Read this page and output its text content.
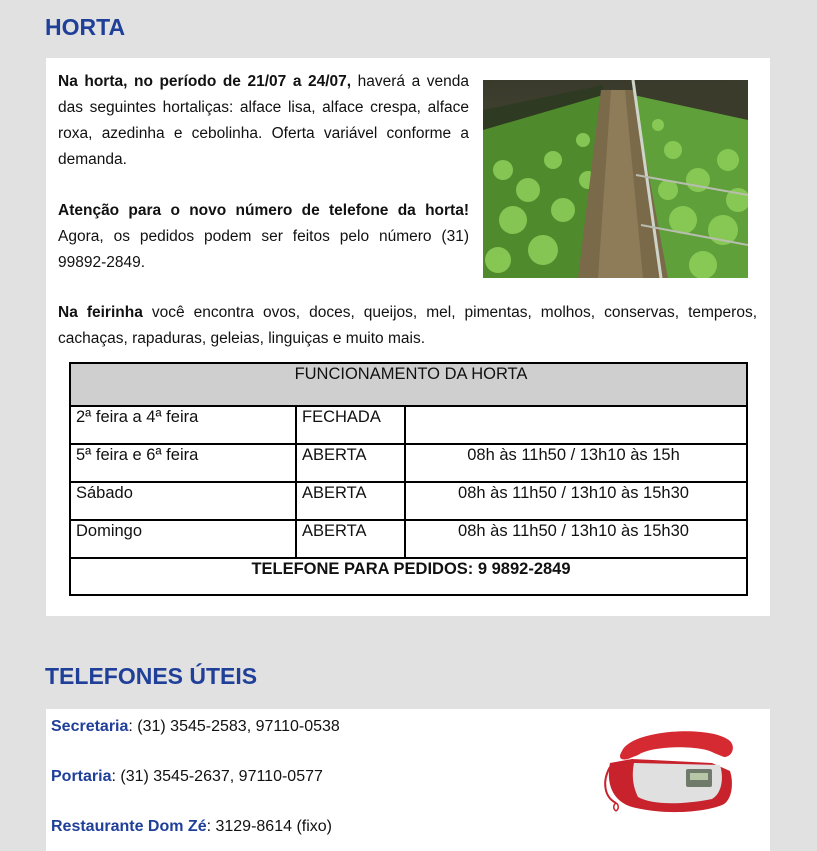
HORTA

Na horta, no período de 21/07 a 24/07, haverá a venda das seguintes hortaliças: alface lisa, alface crespa, alface roxa, azedinha e cebolinha. Oferta variável conforme a demanda.

Atenção para o novo número de telefone da horta! Agora, os pedidos podem ser feitos pelo número (31) 99892-2849.

Na feirinha você encontra ovos, doces, queijos, mel, pimentas, molhos, conservas, temperos, cachaças, rapaduras, geleias, linguiças e muito mais.

FUNCIONAMENTO DA HORTA		
2ª feira a 4ª feira	FECHADA	
5ª feira e 6ª feira	ABERTA	08h às 11h50 / 13h10 às 15h
Sábado	ABERTA	08h às 11h50 / 13h10 às 15h30
Domingo	ABERTA	08h às 11h50 / 13h10 às 15h30
TELEFONE PARA PEDIDOS: 9 9892-2849		
TELEFONES ÚTEIS

Secretaria: (31) 3545-2583, 97110-0538

Portaria: (31) 3545-2637, 97110-0577

Restaurante Dom Zé: 3129-8614 (fixo)
